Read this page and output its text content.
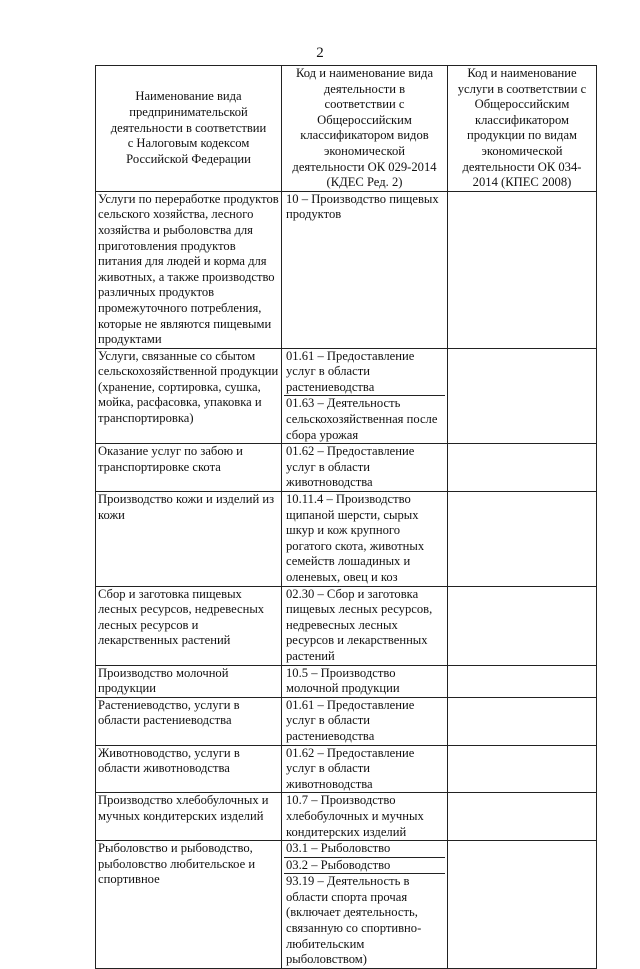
2
Наименование вида предпринимательской деятельности в соответствии с Налоговым кодексом Российской Федерации	Код и наименование вида деятельности в соответствии с Общероссийским классификатором видов экономической деятельности ОК 029-2014 (КДЕС Ред. 2)	Код и наименование услуги в соответствии с Общероссийским классификатором продукции по видам экономической деятельности ОК 034-2014 (КПЕС 2008)
Услуги по переработке продуктов сельского хозяйства, лесного хозяйства и рыболовства для приготовления продуктов питания для людей и корма для животных, а также производство различных продуктов промежуточного потребления, которые не являются пищевыми продуктами	10 – Производство пищевых продуктов	

Услуги, связанные со сбытом сельскохозяйственной продукции (хранение, сортировка, сушка, мойка, расфасовка, упаковка и транспортировка)	01.61 – Предоставление услуг в области растениеводства
01.63 – Деятельность сельскохозяйственная после сбора урожая	

Оказание услуг по забою и транспортировке скота	01.62 – Предоставление услуг в области животноводства	

Производство кожи и изделий из кожи	10.11.4 – Производство щипаной шерсти, сырых шкур и кож крупного рогатого скота, животных семейств лошадиных и оленевых, овец и коз	

Сбор и заготовка пищевых лесных ресурсов, недревесных лесных ресурсов и лекарственных растений	02.30 – Сбор и заготовка пищевых лесных ресурсов, недревесных лесных ресурсов и лекарственных растений	

Производство молочной продукции	10.5 – Производство молочной продукции	

Растениеводство, услуги в области растениеводства	01.61 – Предоставление услуг в области растениеводства	

Животноводство, услуги в области животноводства	01.62 – Предоставление услуг в области животноводства	

Производство хлебобулочных и мучных кондитерских изделий	10.7 – Производство хлебобулочных и мучных кондитерских изделий	

Рыболовство и рыбоводство, рыболовство любительское и спортивное	03.1 – Рыболовство
03.2 – Рыбоводство
93.19 – Деятельность в области спорта прочая (включает деятельность, связанную со спортивно-любительским рыболовством)	
